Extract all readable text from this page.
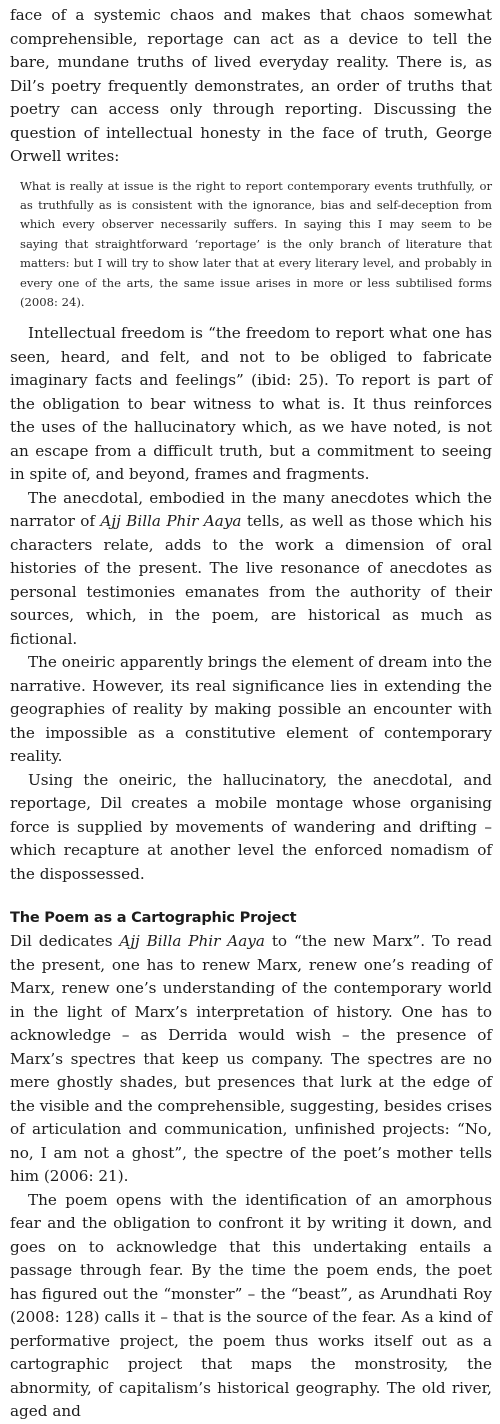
face of a systemic chaos and makes that chaos somewhat comprehensible, reportage can act as a device to tell the bare, mundane truths of lived everyday reality. There is, as Dil’s poetry frequently demonstrates, an order of truths that poetry can access only through reporting. Discussing the question of intellectual honesty in the face of truth, George Orwell writes:

What is really at issue is the right to report contemporary events truthfully, or as truthfully as is consistent with the ignorance, bias and self-deception from which every observer necessarily suffers. In saying this I may seem to be saying that straightforward ‘reportage’ is the only branch of literature that matters: but I will try to show later that at every literary level, and probably in every one of the arts, the same issue arises in more or less subtilised forms (2008: 24).

Intellectual freedom is “the freedom to report what one has seen, heard, and felt, and not to be obliged to fabricate imaginary facts and feelings” (ibid: 25). To report is part of the obligation to bear witness to what is. It thus reinforces the uses of the hallucinatory which, as we have noted, is not an escape from a difficult truth, but a commitment to seeing in spite of, and beyond, frames and fragments.

The anecdotal, embodied in the many anecdotes which the narrator of Ajj Billa Phir Aaya tells, as well as those which his characters relate, adds to the work a dimension of oral histories of the present. The live resonance of anecdotes as personal testimonies emanates from the authority of their sources, which, in the poem, are historical as much as fictional.

The oneiric apparently brings the element of dream into the narrative. However, its real significance lies in extending the geographies of reality by making possible an encounter with the impossible as a constitutive element of contemporary reality.

Using the oneiric, the hallucinatory, the anecdotal, and reportage, Dil creates a mobile montage whose organising force is supplied by movements of wandering and drifting – which recapture at another level the enforced nomadism of the dispossessed.

The Poem as a Cartographic Project

Dil dedicates Ajj Billa Phir Aaya to “the new Marx”. To read the present, one has to renew Marx, renew one’s reading of Marx, renew one’s understanding of the contemporary world in the light of Marx’s interpretation of history. One has to acknowledge – as Derrida would wish – the presence of Marx’s spectres that keep us company. The spectres are no mere ghostly shades, but presences that lurk at the edge of the visible and the comprehensible, suggesting, besides crises of articulation and communication, unfinished projects: “No, no, I am not a ghost”, the spectre of the poet’s mother tells him (2006: 21).

The poem opens with the identification of an amorphous fear and the obligation to confront it by writing it down, and goes on to acknowledge that this undertaking entails a passage through fear. By the time the poem ends, the poet has figured out the “monster” – the “beast”, as Arundhati Roy (2008: 128) calls it – that is the source of the fear. As a kind of performative project, the poem thus works itself out as a cartographic project that maps the monstrosity, the abnormity, of capitalism’s historical geography. The old river, aged and
